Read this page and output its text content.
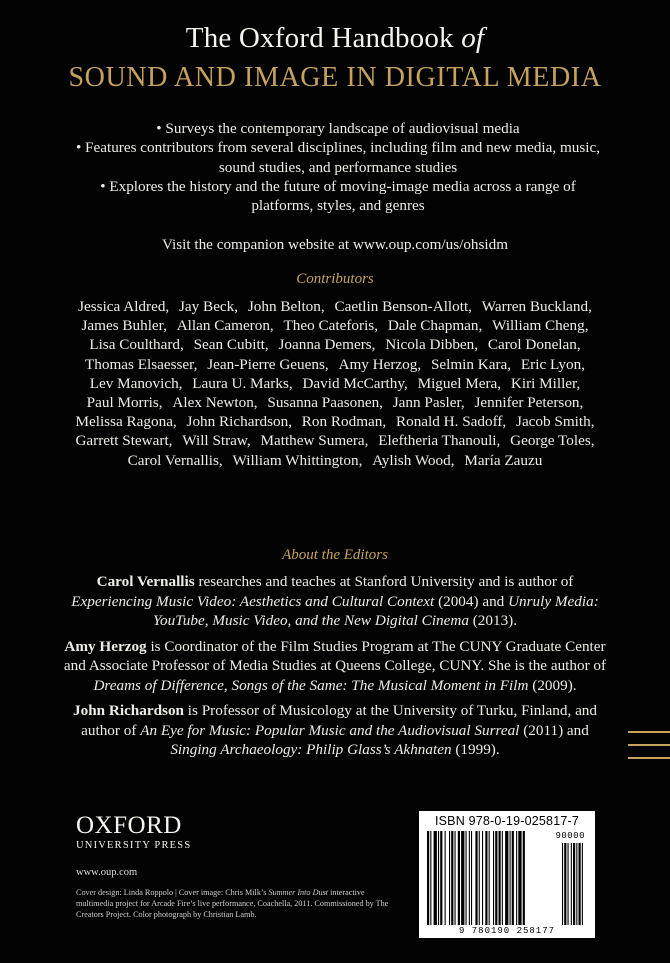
The Oxford Handbook of
SOUND AND IMAGE IN DIGITAL MEDIA

• Surveys the contemporary landscape of audiovisual media

• Features contributors from several disciplines, including film and new media, music, sound studies, and performance studies

• Explores the history and the future of moving-image media across a range of platforms, styles, and genres

Visit the companion website at www.oup.com/us/ohsidm
Contributors
Jessica Aldred, Jay Beck, John Belton, Caetlin Benson-Allott, Warren Buckland, James Buhler, Allan Cameron, Theo Cateforis, Dale Chapman, William Cheng, Lisa Coulthard, Sean Cubitt, Joanna Demers, Nicola Dibben, Carol Donelan, Thomas Elsaesser, Jean-Pierre Geuens, Amy Herzog, Selmin Kara, Eric Lyon, Lev Manovich, Laura U. Marks, David McCarthy, Miguel Mera, Kiri Miller, Paul Morris, Alex Newton, Susanna Paasonen, Jann Pasler, Jennifer Peterson, Melissa Ragona, John Richardson, Ron Rodman, Ronald H. Sadoff, Jacob Smith, Garrett Stewart, Will Straw, Matthew Sumera, Eleftheria Thanouli, George Toles, Carol Vernallis, William Whittington, Aylish Wood, María Zauzu
About the Editors

Carol Vernallis researches and teaches at Stanford University and is author of Experiencing Music Video: Aesthetics and Cultural Context (2004) and Unruly Media: YouTube, Music Video, and the New Digital Cinema (2013).

Amy Herzog is Coordinator of the Film Studies Program at The CUNY Graduate Center and Associate Professor of Media Studies at Queens College, CUNY. She is the author of Dreams of Difference, Songs of the Same: The Musical Moment in Film (2009).

John Richardson is Professor of Musicology at the University of Turku, Finland, and author of An Eye for Music: Popular Music and the Audiovisual Surreal (2011) and Singing Archaeology: Philip Glass’s Akhnaten (1999).

OXFORD
UNIVERSITY PRESS
www.oup.com
Cover design: Linda Roppolo | Cover image: Chris Milk’s Summer Into Dust interactive multimedia project for Arcade Fire’s live performance, Coachella, 2011. Commissioned by The Creators Project. Color photograph by Christian Lamb.
ISBN 978-0-19-025817-7
90000
9 780190 258177
